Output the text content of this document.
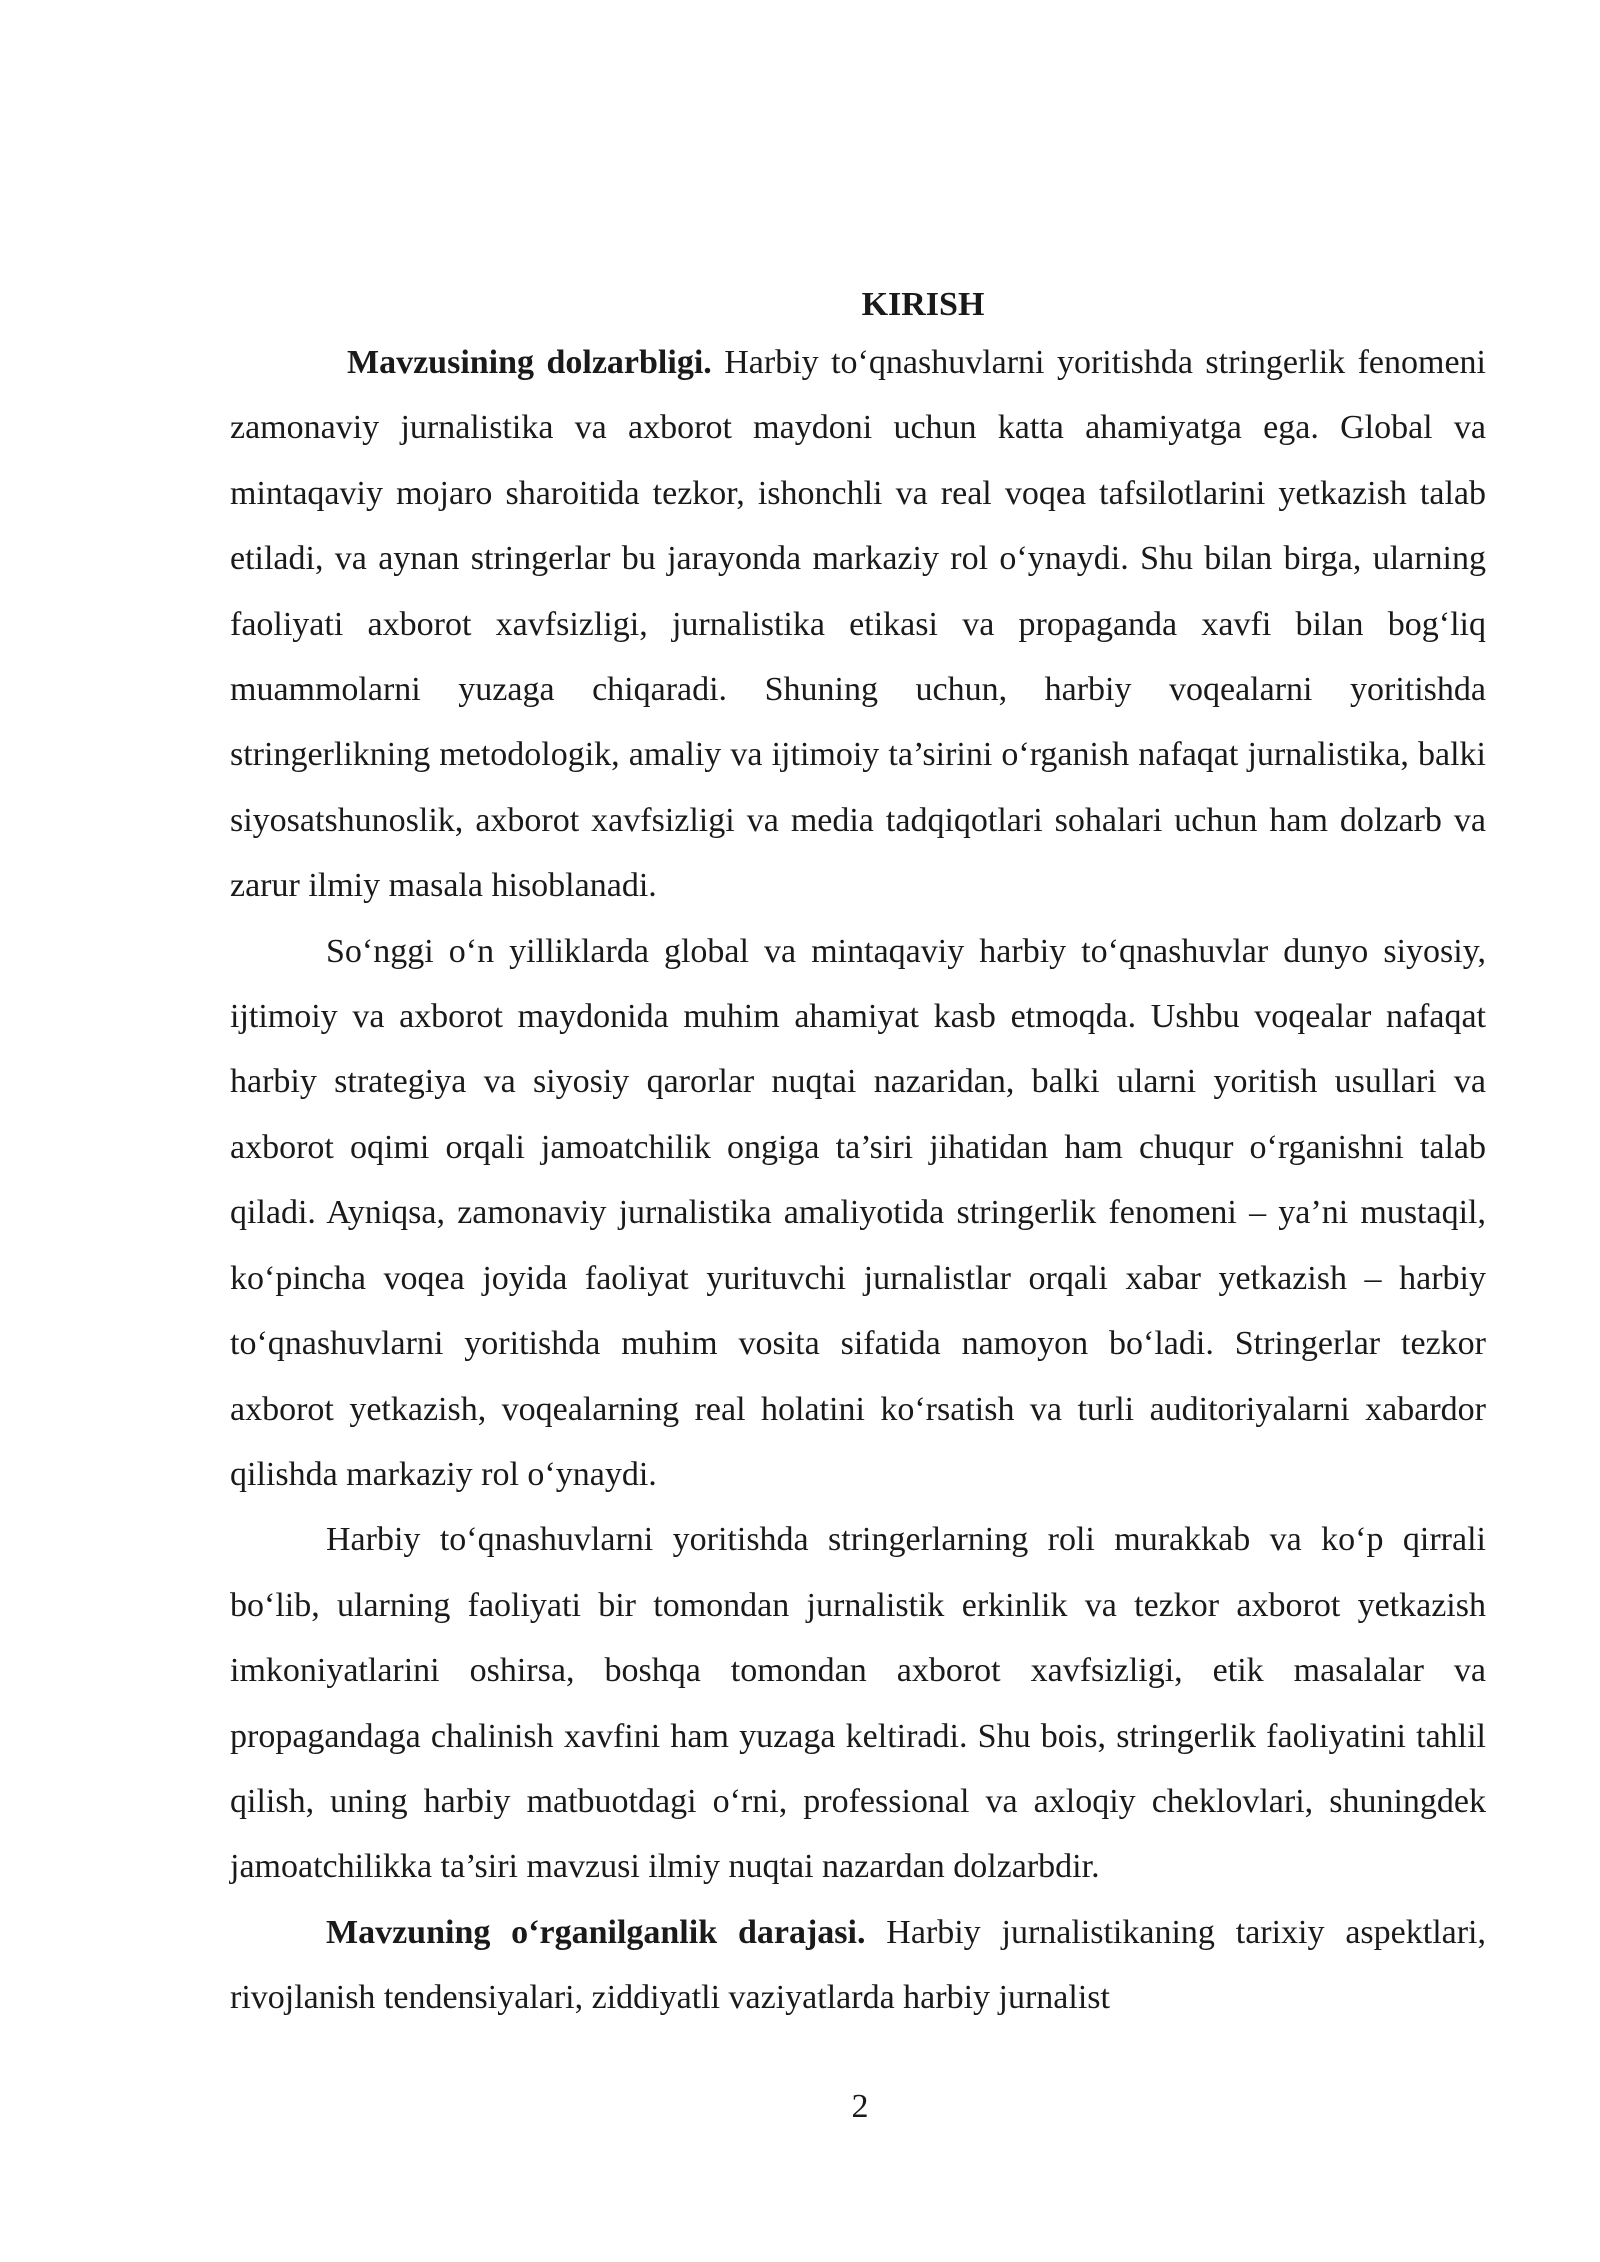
KIRISH

Mavzusining dolzarbligi. Harbiy to‘qnashuvlarni yoritishda stringerlik fenomeni zamonaviy jurnalistika va axborot maydoni uchun katta ahamiyatga ega. Global va mintaqaviy mojaro sharoitida tezkor, ishonchli va real voqea tafsilotlarini yetkazish talab etiladi, va aynan stringerlar bu jarayonda markaziy rol o‘ynaydi. Shu bilan birga, ularning faoliyati axborot xavfsizligi, jurnalistika etikasi va propaganda xavfi bilan bog‘liq muammolarni yuzaga chiqaradi. Shuning uchun, harbiy voqealarni yoritishda stringerlikning metodologik, amaliy va ijtimoiy ta’sirini o‘rganish nafaqat jurnalistika, balki siyosatshunoslik, axborot xavfsizligi va media tadqiqotlari sohalari uchun ham dolzarb va zarur ilmiy masala hisoblanadi.

So‘nggi o‘n yilliklarda global va mintaqaviy harbiy to‘qnashuvlar dunyo siyosiy, ijtimoiy va axborot maydonida muhim ahamiyat kasb etmoqda. Ushbu voqealar nafaqat harbiy strategiya va siyosiy qarorlar nuqtai nazaridan, balki ularni yoritish usullari va axborot oqimi orqali jamoatchilik ongiga ta’siri jihatidan ham chuqur o‘rganishni talab qiladi. Ayniqsa, zamonaviy jurnalistika amaliyotida stringerlik fenomeni – ya’ni mustaqil, ko‘pincha voqea joyida faoliyat yurituvchi jurnalistlar orqali xabar yetkazish – harbiy to‘qnashuvlarni yoritishda muhim vosita sifatida namoyon bo‘ladi. Stringerlar tezkor axborot yetkazish, voqealarning real holatini ko‘rsatish va turli auditoriyalarni xabardor qilishda markaziy rol o‘ynaydi.

Harbiy to‘qnashuvlarni yoritishda stringerlarning roli murakkab va ko‘p qirrali bo‘lib, ularning faoliyati bir tomondan jurnalistik erkinlik va tezkor axborot yetkazish imkoniyatlarini oshirsa, boshqa tomondan axborot xavfsizligi, etik masalalar va propagandaga chalinish xavfini ham yuzaga keltiradi. Shu bois, stringerlik faoliyatini tahlil qilish, uning harbiy matbuotdagi o‘rni, professional va axloqiy cheklovlari, shuningdek jamoatchilikka ta’siri mavzusi ilmiy nuqtai nazardan dolzarbdir.

Mavzuning o‘rganilganlik darajasi. Harbiy jurnalistikaning tarixiy aspektlari, rivojlanish tendensiyalari, ziddiyatli vaziyatlarda harbiy jurnalist

2
